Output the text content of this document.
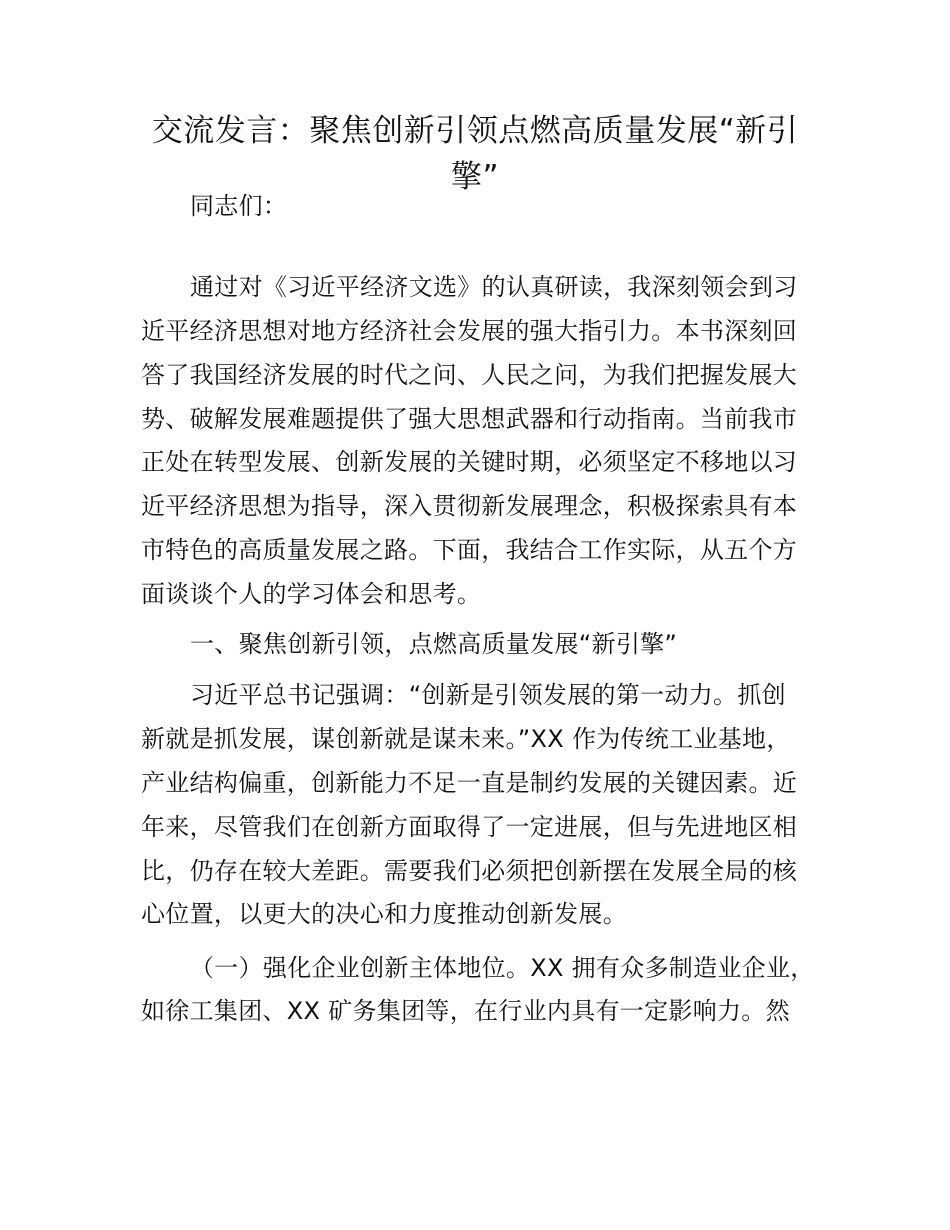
交流发言：聚焦创新引领点燃高质量发展“新引擎”
同志们：
通过对《习近平经济文选》的认真研读，我深刻领会到习
近平经济思想对地方经济社会发展的强大指引力。本书深刻回
答了我国经济发展的时代之问、人民之问，为我们把握发展大
势、破解发展难题提供了强大思想武器和行动指南。当前我市
正处在转型发展、创新发展的关键时期，必须坚定不移地以习
近平经济思想为指导，深入贯彻新发展理念，积极探索具有本
市特色的高质量发展之路。下面，我结合工作实际，从五个方
面谈谈个人的学习体会和思考。
一、聚焦创新引领，点燃高质量发展“新引擎”
习近平总书记强调：“创新是引领发展的第一动力。抓创
新就是抓发展，谋创新就是谋未来。”XX 作为传统工业基地，
产业结构偏重，创新能力不足一直是制约发展的关键因素。近
年来，尽管我们在创新方面取得了一定进展，但与先进地区相
比，仍存在较大差距。需要我们必须把创新摆在发展全局的核
心位置，以更大的决心和力度推动创新发展。
（一）强化企业创新主体地位。XX 拥有众多制造业企业，
如徐工集团、XX 矿务集团等，在行业内具有一定影响力。然
